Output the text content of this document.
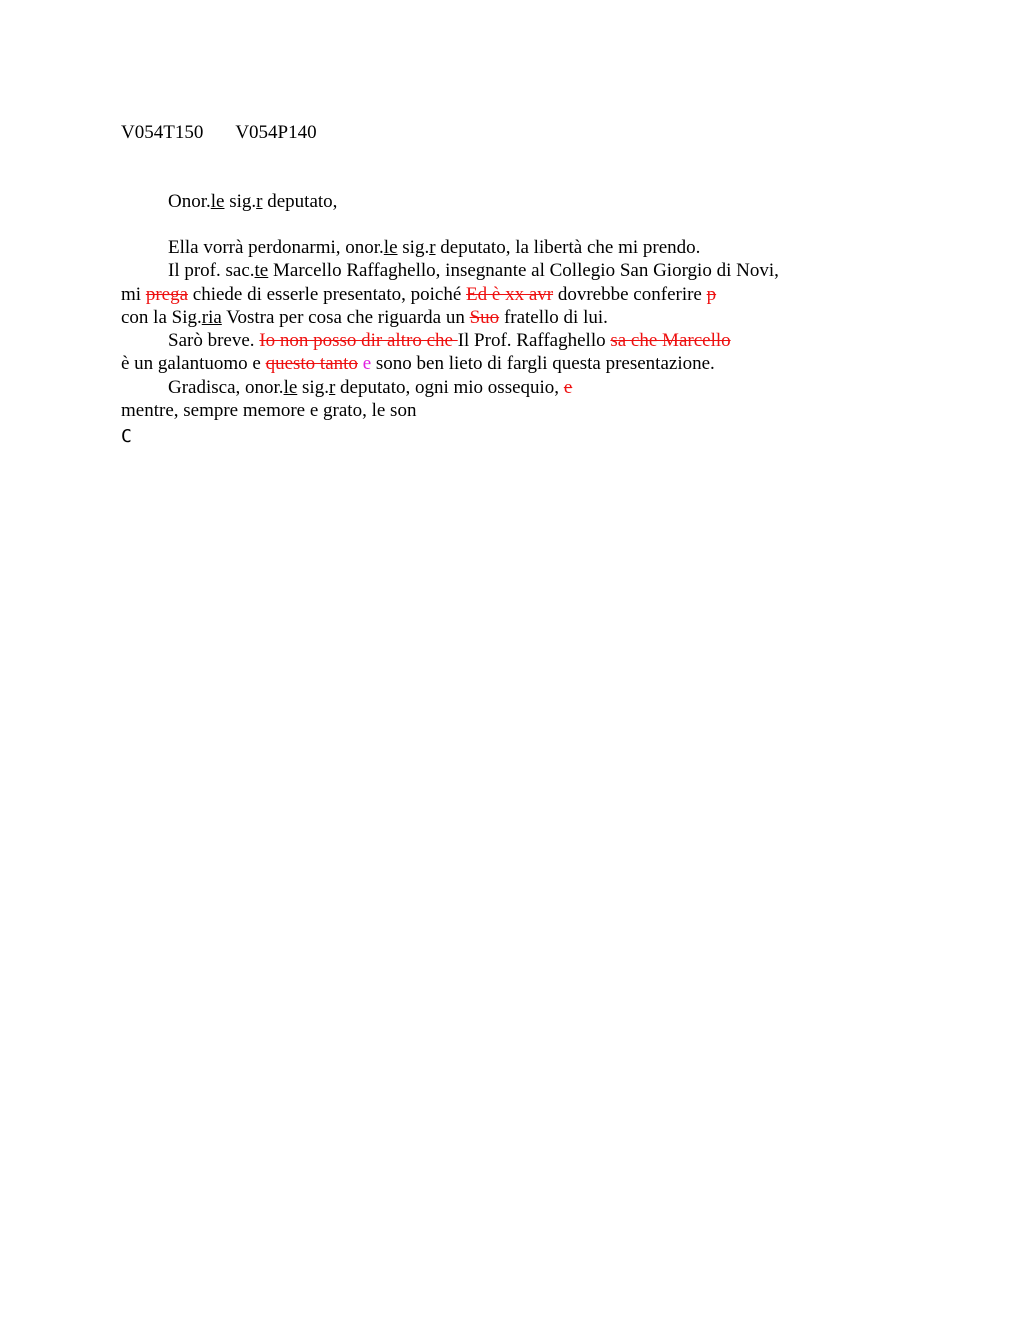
V054T150 V054P140
Onor.le sig.r deputato,
Ella vorrà perdonarmi, onor.le sig.r deputato, la libertà che mi prendo.
Il prof. sac.te Marcello Raffaghello, insegnante al Collegio San Giorgio di Novi,
mi prega chiede di esserle presentato, poiché Ed è xx avr dovrebbe conferire p
con la Sig.ria Vostra per cosa che riguarda un Suo fratello di lui.
Sarò breve. Io non posso dir altro che Il Prof. Raffaghello sa che Marcello
è un galantuomo e questo tanto e sono ben lieto di fargli questa presentazione.
Gradisca, onor.le sig.r deputato, ogni mio ossequio, e
mentre, sempre memore e grato, le son
C
